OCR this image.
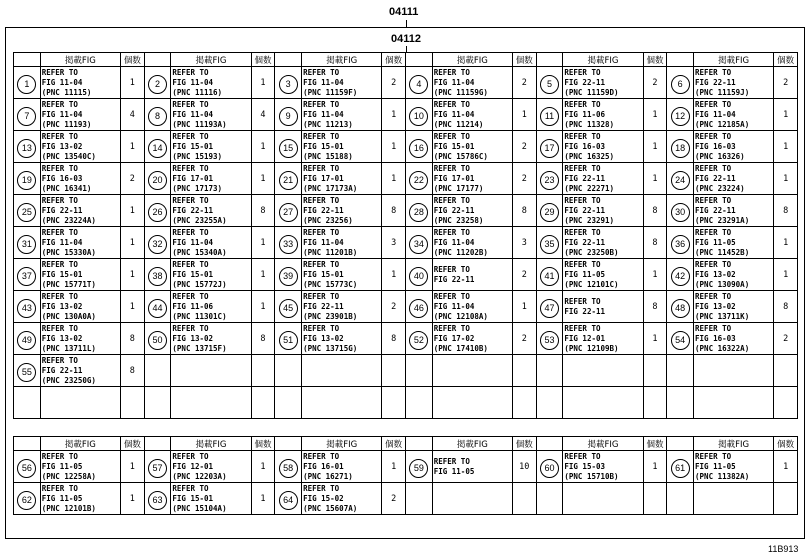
04111
04112
	掲載FIG	個数		掲載FIG	個数		掲載FIG	個数		掲載FIG	個数		掲載FIG	個数		掲載FIG	個数
1	REFER TO
FIG 11-04
(PNC 11115)	1	2	REFER TO
FIG 11-04
(PNC 11116)	1	3	REFER TO
FIG 11-04
(PNC 11159F)	2	4	REFER TO
FIG 11-04
(PNC 11159G)	2	5	REFER TO
FIG 22-11
(PNC 11159D)	2	6	REFER TO
FIG 22-11
(PNC 11159J)	2
7	REFER TO
FIG 11-04
(PNC 11193)	4	8	REFER TO
FIG 11-04
(PNC 11193A)	4	9	REFER TO
FIG 11-04
(PNC 11213)	1	10	REFER TO
FIG 11-04
(PNC 11214)	1	11	REFER TO
FIG 11-06
(PNC 11328)	1	12	REFER TO
FIG 11-04
(PNC 12185A)	1
13	REFER TO
FIG 13-02
(PNC 13540C)	1	14	REFER TO
FIG 15-01
(PNC 15193)	1	15	REFER TO
FIG 15-01
(PNC 15188)	1	16	REFER TO
FIG 15-01
(PNC 15786C)	2	17	REFER TO
FIG 16-03
(PNC 16325)	1	18	REFER TO
FIG 16-03
(PNC 16326)	1
19	REFER TO
FIG 16-03
(PNC 16341)	2	20	REFER TO
FIG 17-01
(PNC 17173)	1	21	REFER TO
FIG 17-01
(PNC 17173A)	1	22	REFER TO
FIG 17-01
(PNC 17177)	2	23	REFER TO
FIG 22-11
(PNC 22271)	1	24	REFER TO
FIG 22-11
(PNC 23224)	1
25	REFER TO
FIG 22-11
(PNC 23224A)	1	26	REFER TO
FIG 22-11
(PNC 23255A)	8	27	REFER TO
FIG 22-11
(PNC 23256)	8	28	REFER TO
FIG 22-11
(PNC 23258)	8	29	REFER TO
FIG 22-11
(PNC 23291)	8	30	REFER TO
FIG 22-11
(PNC 23291A)	8
31	REFER TO
FIG 11-04
(PNC 15330A)	1	32	REFER TO
FIG 11-04
(PNC 15340A)	1	33	REFER TO
FIG 11-04
(PNC 11201B)	3	34	REFER TO
FIG 11-04
(PNC 11202B)	3	35	REFER TO
FIG 22-11
(PNC 23250B)	8	36	REFER TO
FIG 11-05
(PNC 11452B)	1
37	REFER TO
FIG 15-01
(PNC 15771T)	1	38	REFER TO
FIG 15-01
(PNC 15772J)	1	39	REFER TO
FIG 15-01
(PNC 15773C)	1	40	REFER TO
FIG 22-11	2	41	REFER TO
FIG 11-05
(PNC 12101C)	1	42	REFER TO
FIG 13-02
(PNC 13090A)	1
43	REFER TO
FIG 13-02
(PNC 130A0A)	1	44	REFER TO
FIG 11-06
(PNC 11301C)	1	45	REFER TO
FIG 22-11
(PNC 23901B)	2	46	REFER TO
FIG 11-04
(PNC 12108A)	1	47	REFER TO
FIG 22-11	8	48	REFER TO
FIG 13-02
(PNC 13711K)	8
49	REFER TO
FIG 13-02
(PNC 13711L)	8	50	REFER TO
FIG 13-02
(PNC 13715F)	8	51	REFER TO
FIG 13-02
(PNC 13715G)	8	52	REFER TO
FIG 17-02
(PNC 17410B)	2	53	REFER TO
FIG 12-01
(PNC 12109B)	1	54	REFER TO
FIG 16-03
(PNC 16322A)	2
55	REFER TO
FIG 22-11
(PNC 23250G)	8															

	掲載FIG	個数		掲載FIG	個数		掲載FIG	個数		掲載FIG	個数		掲載FIG	個数		掲載FIG	個数
56	REFER TO
FIG 11-05
(PNC 12258A)	1	57	REFER TO
FIG 12-01
(PNC 12203A)	1	58	REFER TO
FIG 16-01
(PNC 16271)	1	59	REFER TO
FIG 11-05	10	60	REFER TO
FIG 15-03
(PNC 15710B)	1	61	REFER TO
FIG 11-05
(PNC 11382A)	1
62	REFER TO
FIG 11-05
(PNC 12101B)	1	63	REFER TO
FIG 15-01
(PNC 15104A)	1	64	REFER TO
FIG 15-02
(PNC 15607A)	2									
11B913
